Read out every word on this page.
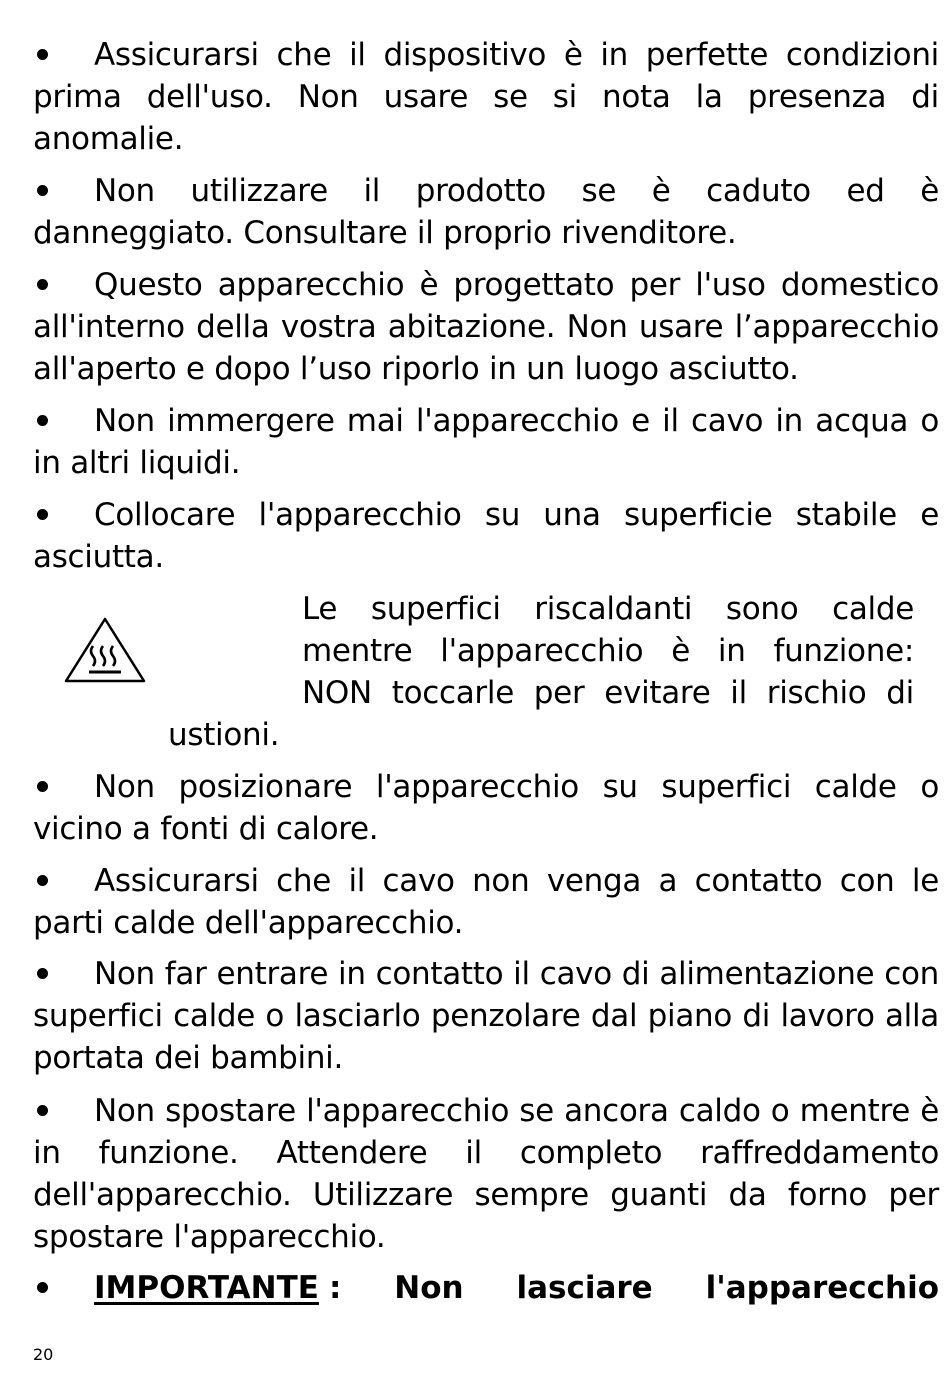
Assicurarsi che il dispositivo è in perfette condizioni prima dell'uso. Non usare se si nota la presenza di anomalie.

Non utilizzare il prodotto se è caduto ed è danneggiato. Consultare il proprio rivenditore.

Questo apparecchio è progettato per l'uso domestico all'interno della vostra abitazione. Non usare l’apparecchio all'aperto e dopo l’uso riporlo in un luogo asciutto.

Non immergere mai l'apparecchio e il cavo in acqua o in altri liquidi.

Collocare l'apparecchio su una superficie stabile e asciutta.

Le superfici riscaldanti sono calde
mentre l'apparecchio è in funzione:
NON toccarle per evitare il rischio di
ustioni.

Non posizionare l'apparecchio su superfici calde o vicino a fonti di calore.

Assicurarsi che il cavo non venga a contatto con le parti calde dell'apparecchio.

Non far entrare in contatto il cavo di alimentazione con superfici calde o lasciarlo penzolare dal piano di lavoro alla portata dei bambini.

Non spostare l'apparecchio se ancora caldo o mentre è in funzione. Attendere il completo raffreddamento dell'apparecchio. Utilizzare sempre guanti da forno per spostare l'apparecchio.

IMPORTANTE : Non lasciare l'apparecchio
20
